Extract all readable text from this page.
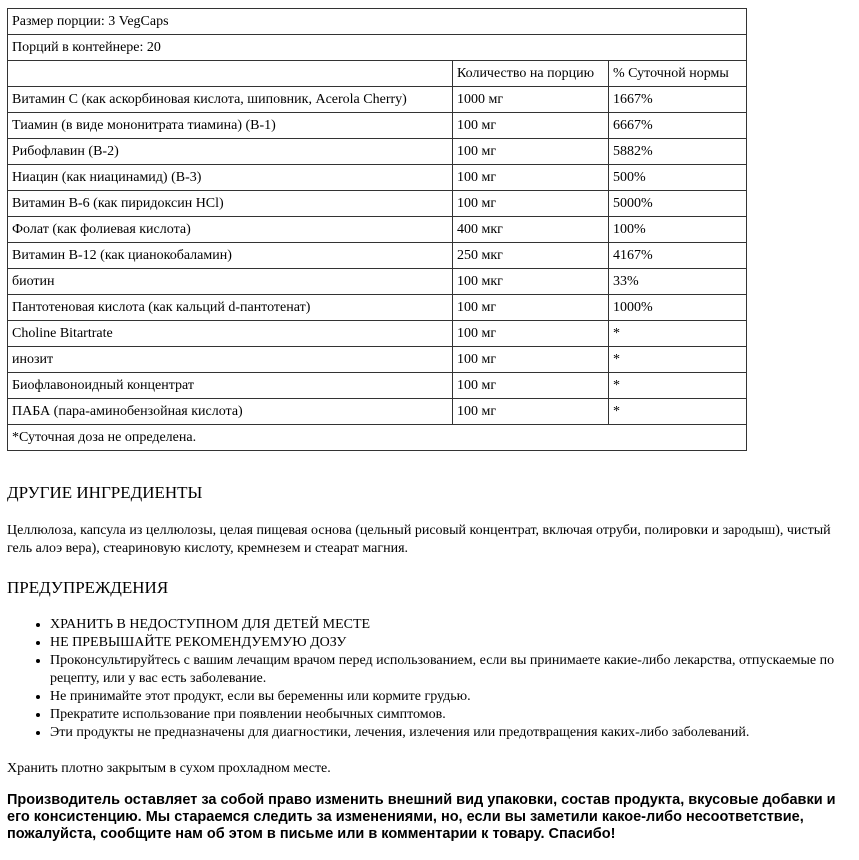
Размер порции: 3 VegCaps		
Порций в контейнере: 20		
	Количество на порцию	% Суточной нормы
Витамин C (как аскорбиновая кислота, шиповник, Acerola Cherry)	1000 мг	1667%
Тиамин (в виде мононитрата тиамина) (B-1)	100 мг	6667%
Рибофлавин (B-2)	100 мг	5882%
Ниацин (как ниацинамид) (B-3)	100 мг	500%
Витамин B-6 (как пиридоксин HCl)	100 мг	5000%
Фолат (как фолиевая кислота)	400 мкг	100%
Витамин B-12 (как цианокобаламин)	250 мкг	4167%
биотин	100 мкг	33%
Пантотеновая кислота (как кальций d-пантотенат)	100 мг	1000%
Choline Bitartrate	100 мг	*
инозит	100 мг	*
Биофлавоноидный концентрат	100 мг	*
ПАБА (пара-аминобензойная кислота)	100 мг	*
*Суточная доза не определена.		
ДРУГИЕ ИНГРЕДИЕНТЫ

Целлюлоза, капсула из целлюлозы, целая пищевая основа (цельный рисовый концентрат, включая отруби, полировки и зародыш), чистый гель алоэ вера), стеариновую кислоту, кремнезем и стеарат магния.

ПРЕДУПРЕЖДЕНИЯ
• ХРАНИТЬ В НЕДОСТУПНОМ ДЛЯ ДЕТЕЙ МЕСТЕ
• НЕ ПРЕВЫШАЙТЕ РЕКОМЕНДУЕМУЮ ДОЗУ
• Проконсультируйтесь с вашим лечащим врачом перед использованием, если вы принимаете какие-либо лекарства, отпускаемые по рецепту, или у вас есть заболевание.
• Не принимайте этот продукт, если вы беременны или кормите грудью.
• Прекратите использование при появлении необычных симптомов.
• Эти продукты не предназначены для диагностики, лечения, излечения или предотвращения каких-либо заболеваний.

Хранить плотно закрытым в сухом прохладном месте.

Производитель оставляет за собой право изменить внешний вид упаковки, состав продукта, вкусовые добавки и его консистенцию. Мы стараемся следить за изменениями, но, если вы заметили какое-либо несоответствие, пожалуйста, сообщите нам об этом в письме или в комментарии к товару. Спасибо!
